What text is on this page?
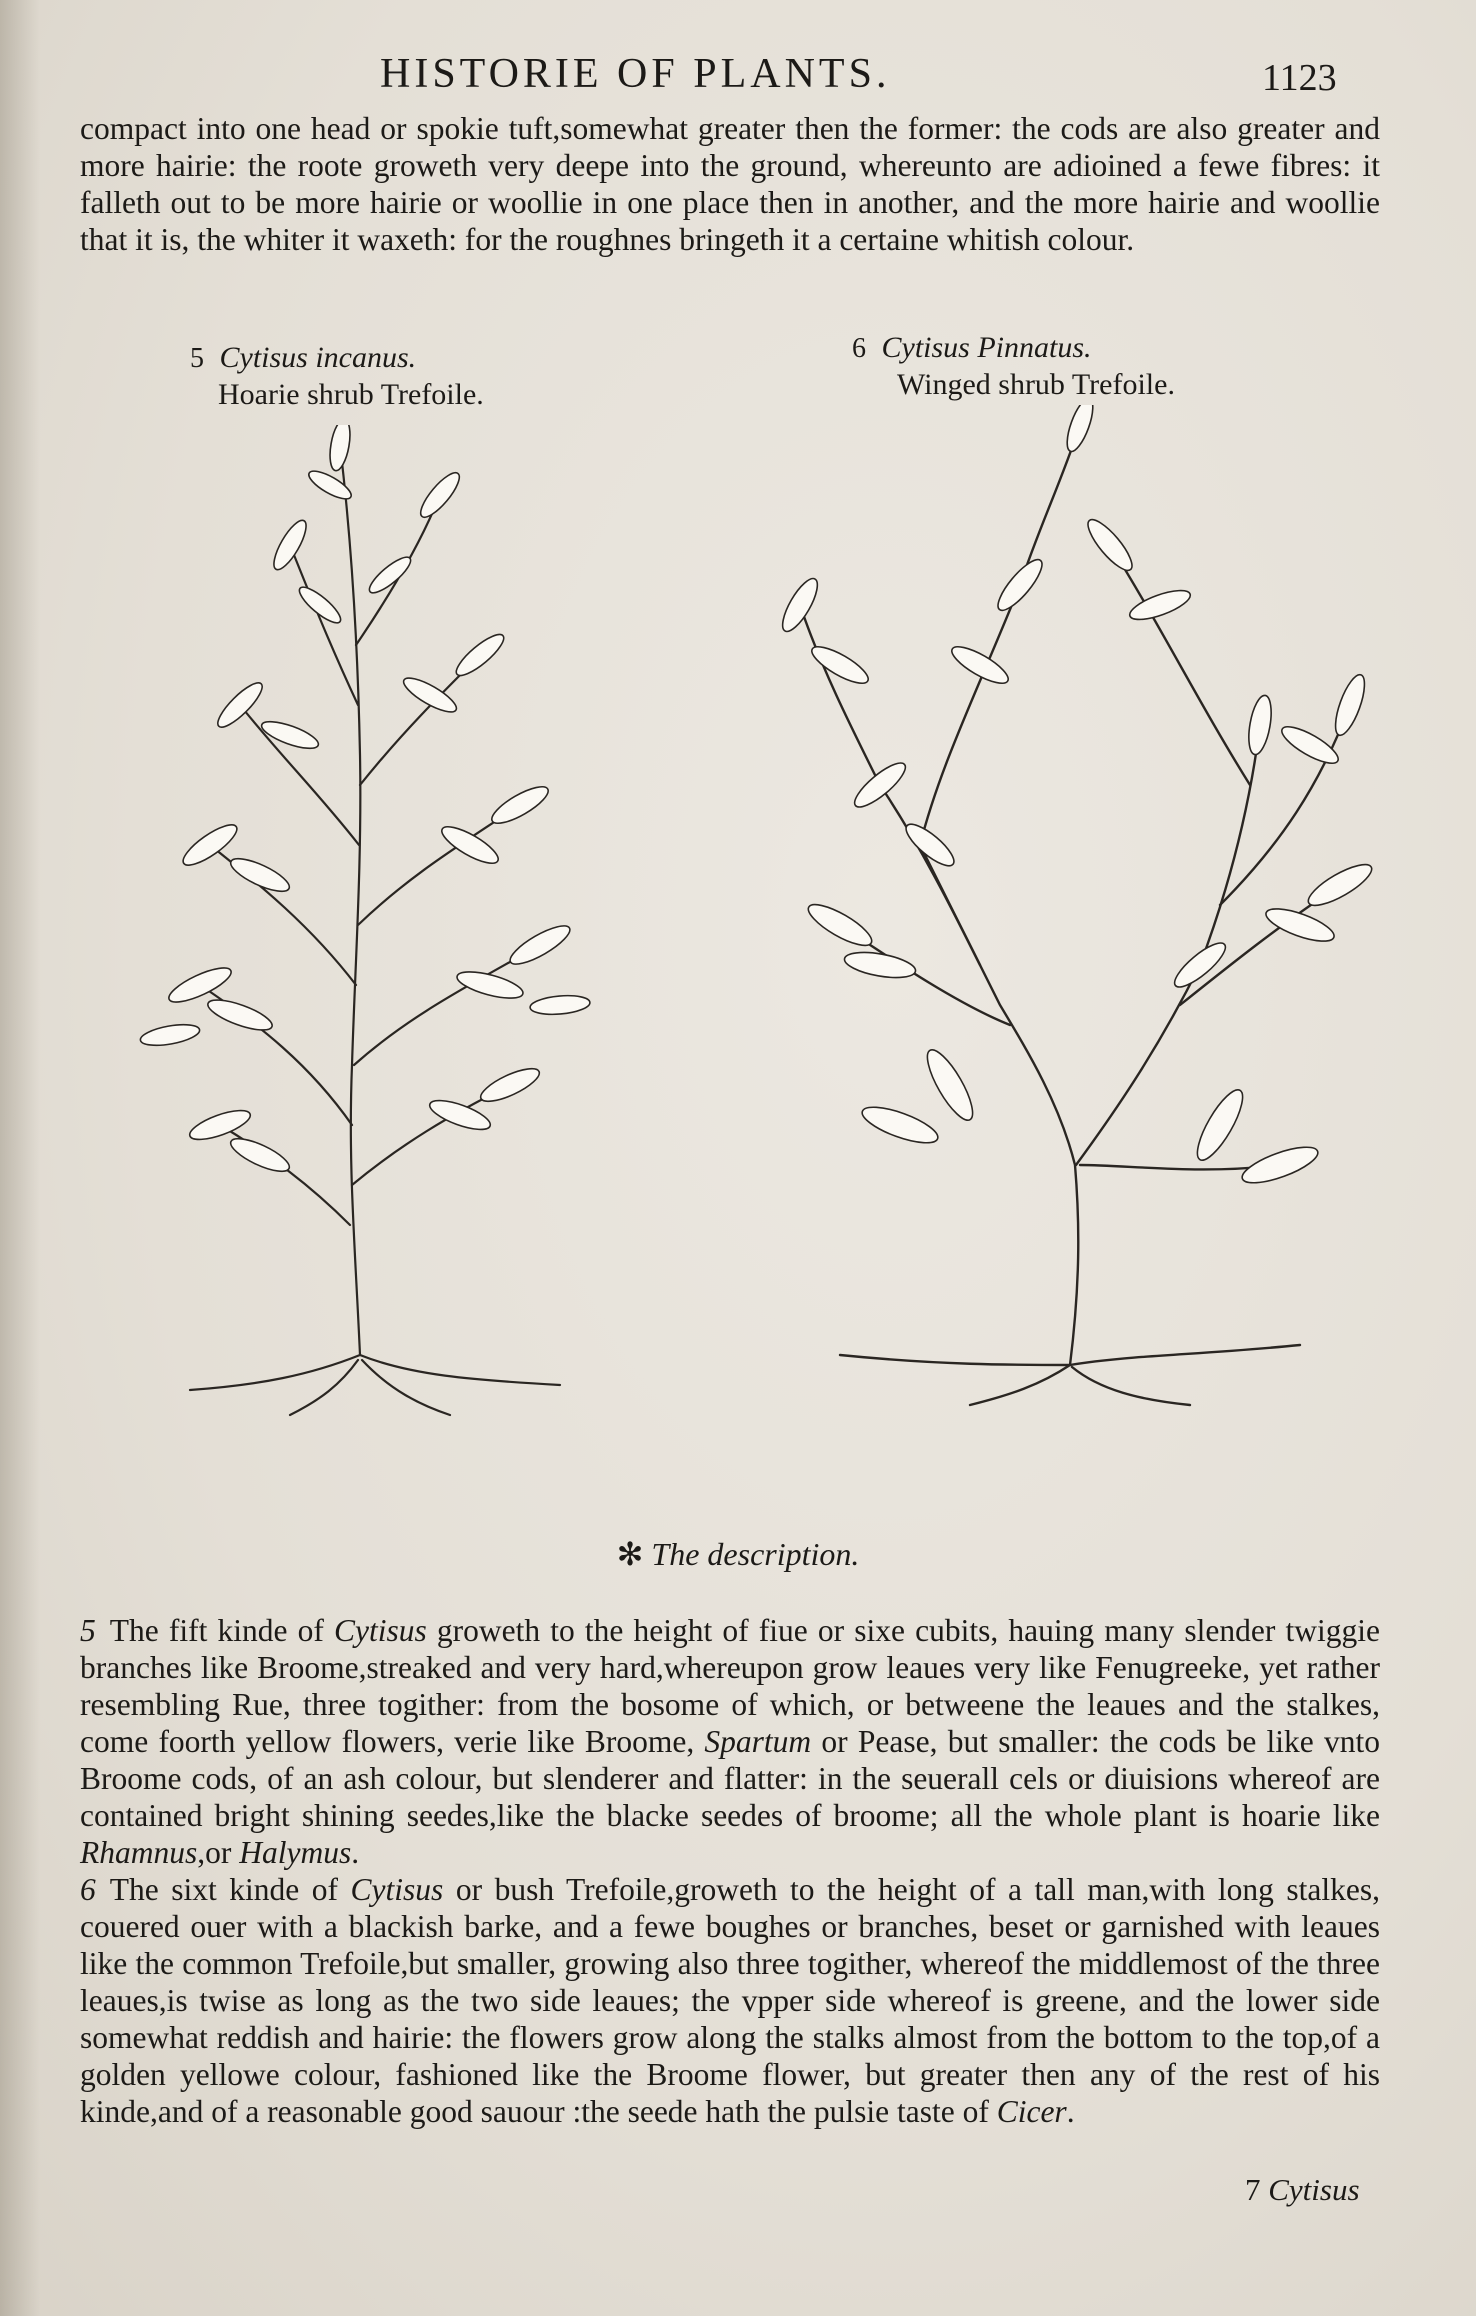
HISTORIE OF PLANTS.	1123

compact into one head or spokie tuft,somewhat greater then the former: the cods are also greater and more hairie: the roote groweth very deepe into the ground, whereunto are adioined a fewe fibres: it falleth out to be more hairie or woollie in one place then in another, and the more hairie and woollie that it is, the whiter it waxeth: for the roughnes bringeth it a certaine whitish colour.

5 Cytisus incanus.
Hoarie shrub Trefoile.
6 Cytisus Pinnatus.
Winged shrub Trefoile.
✻ The description.

5 The fift kinde of Cytisus groweth to the height of fiue or sixe cubits, hauing many slender twiggie branches like Broome,streaked and very hard,whereupon grow leaues very like Fenugreeke, yet rather resembling Rue, three togither: from the bosome of which, or betweene the leaues and the stalkes, come foorth yellow flowers, verie like Broome, Spartum or Pease, but smaller: the cods be like vnto Broome cods, of an ash colour, but slenderer and flatter: in the seuerall cels or diuisions whereof are contained bright shining seedes,like the blacke seedes of broome; all the whole plant is hoarie like Rhamnus,or Halymus.

6 The sixt kinde of Cytisus or bush Trefoile,groweth to the height of a tall man,with long stalkes, couered ouer with a blackish barke, and a fewe boughes or branches, beset or garnished with leaues like the common Trefoile,but smaller, growing also three togither, whereof the middlemost of the three leaues,is twise as long as the two side leaues; the vpper side whereof is greene, and the lower side somewhat reddish and hairie: the flowers grow along the stalks almost from the bottom to the top,of a golden yellowe colour, fashioned like the Broome flower, but greater then any of the rest of his kinde,and of a reasonable good sauour :the seede hath the pulsie taste of Cicer.

7 Cytisus
